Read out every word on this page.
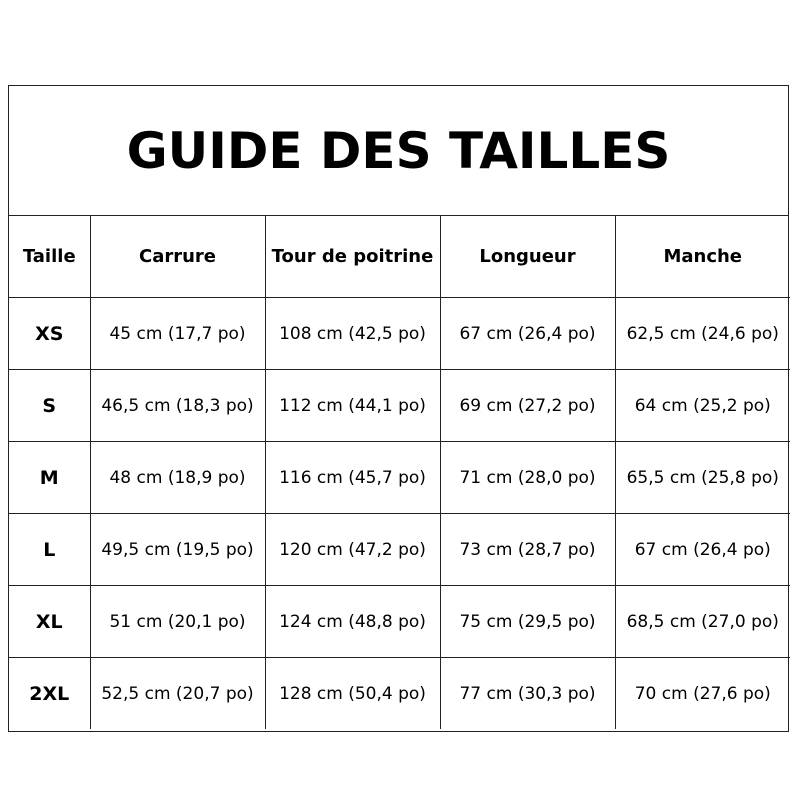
GUIDE DES TAILLES
Taille	Carrure	Tour de poitrine	Longueur	Manche
XS	45 cm (17,7 po)	108 cm (42,5 po)	67 cm (26,4 po)	62,5 cm (24,6 po)
S	46,5 cm (18,3 po)	112 cm (44,1 po)	69 cm (27,2 po)	64 cm (25,2 po)
M	48 cm (18,9 po)	116 cm (45,7 po)	71 cm (28,0 po)	65,5 cm (25,8 po)
L	49,5 cm (19,5 po)	120 cm (47,2 po)	73 cm (28,7 po)	67 cm (26,4 po)
XL	51 cm (20,1 po)	124 cm (48,8 po)	75 cm (29,5 po)	68,5 cm (27,0 po)
2XL	52,5 cm (20,7 po)	128 cm (50,4 po)	77 cm (30,3 po)	70 cm (27,6 po)
